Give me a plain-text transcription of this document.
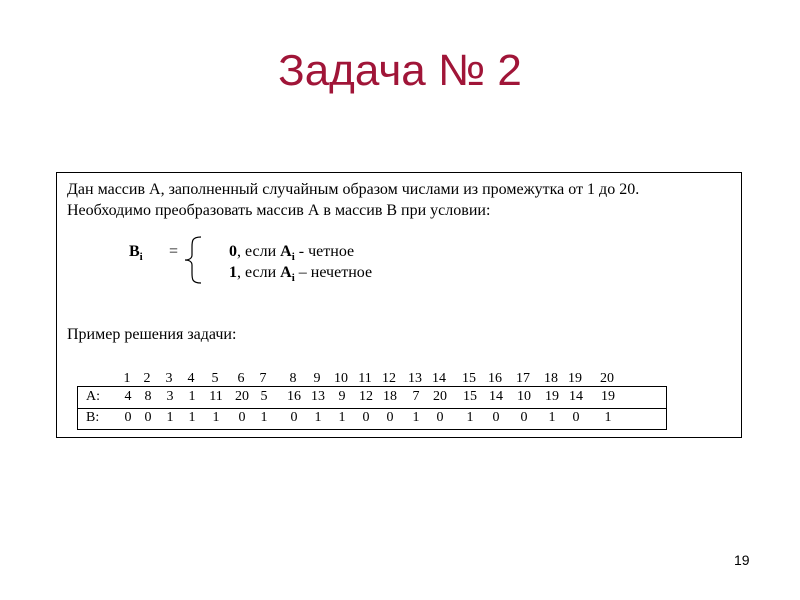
Задача № 2
Дан массив А, заполненный случайным образом числами из промежутка от 1 до 20.
Необходимо преобразовать массив А в массив В при условии:
$B_i$ =	0, если $A_i$ - четное
1, если $A_i$ – нечетное
Пример решения задачи:
1 2	3	4	5	6	7	8	9 10 11 12 13 14 15 16 17 18 19 20
A:	4 8	3	1 11 20 5	16 13 9 12 18	7 20 15 14 10 19 14 19
B:	0 0	1	1	1	0	1	0	1	1	0	0	1	0	1	0	0	1	0	1
19
